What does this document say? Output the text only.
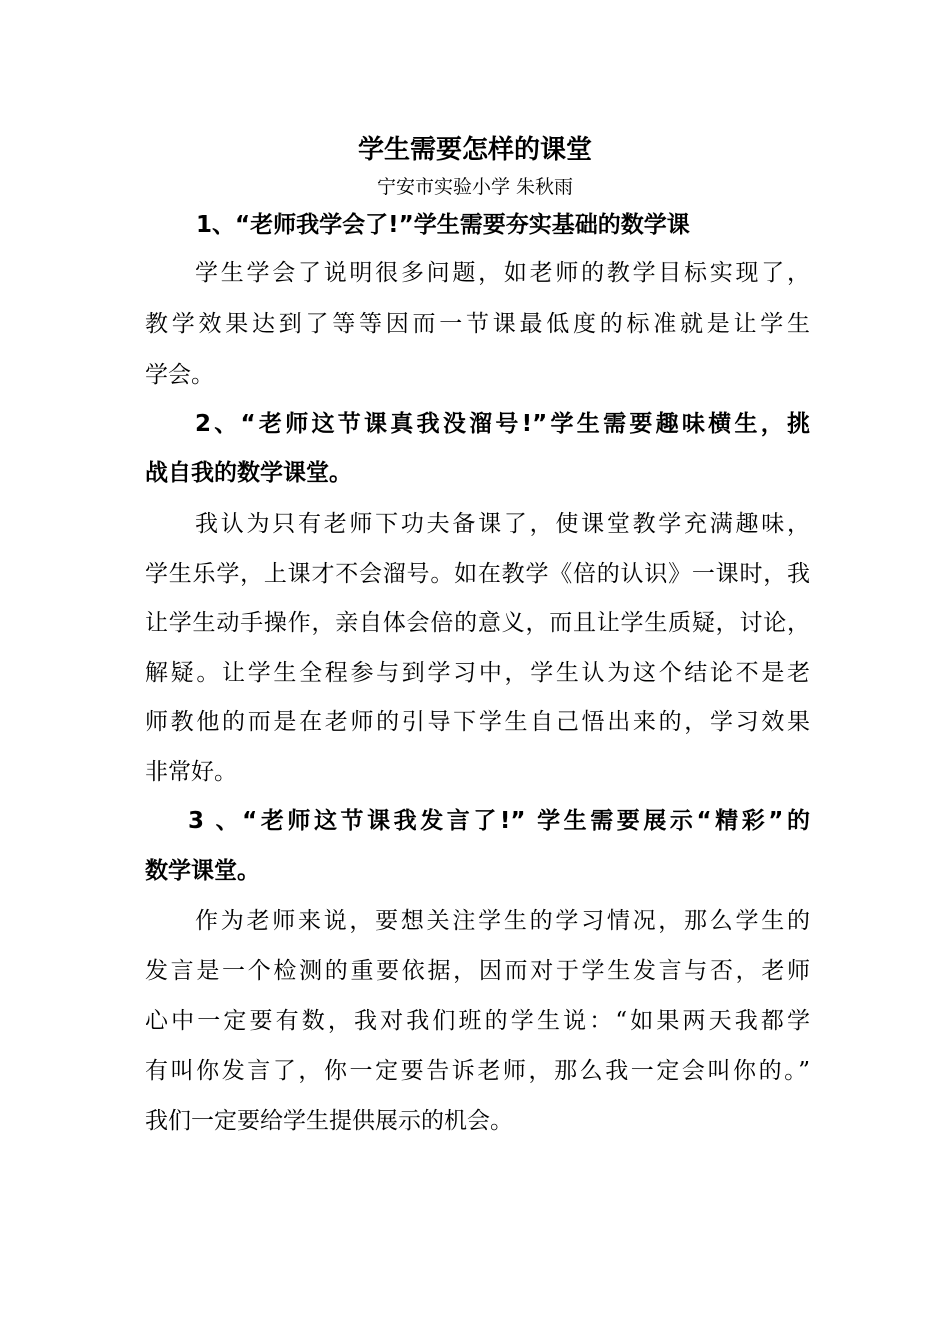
学生需要怎样的课堂
宁安市实验小学 朱秋雨
1、“老师我学会了!”学生需要夯实基础的数学课
学生学会了说明很多问题，如老师的教学目标实现了，
教学效果达到了等等因而一节课最低度的标准就是让学生
学会。
2、“老师这节课真我没溜号!”学生需要趣味横生，挑
战自我的数学课堂。
我认为只有老师下功夫备课了，使课堂教学充满趣味，
学生乐学，上课才不会溜号。如在教学《倍的认识》一课时，我
让学生动手操作，亲自体会倍的意义，而且让学生质疑，讨论，
解疑。让学生全程参与到学习中，学生认为这个结论不是老
师教他的而是在老师的引导下学生自己悟出来的，学习效果
非常好。
3 、“老师这节课我发言了!” 学生需要展示“精彩”的
数学课堂。
作为老师来说，要想关注学生的学习情况，那么学生的
发言是一个检测的重要依据，因而对于学生发言与否，老师
心中一定要有数，我对我们班的学生说：“如果两天我都学
有叫你发言了，你一定要告诉老师，那么我一定会叫你的。”
我们一定要给学生提供展示的机会。
